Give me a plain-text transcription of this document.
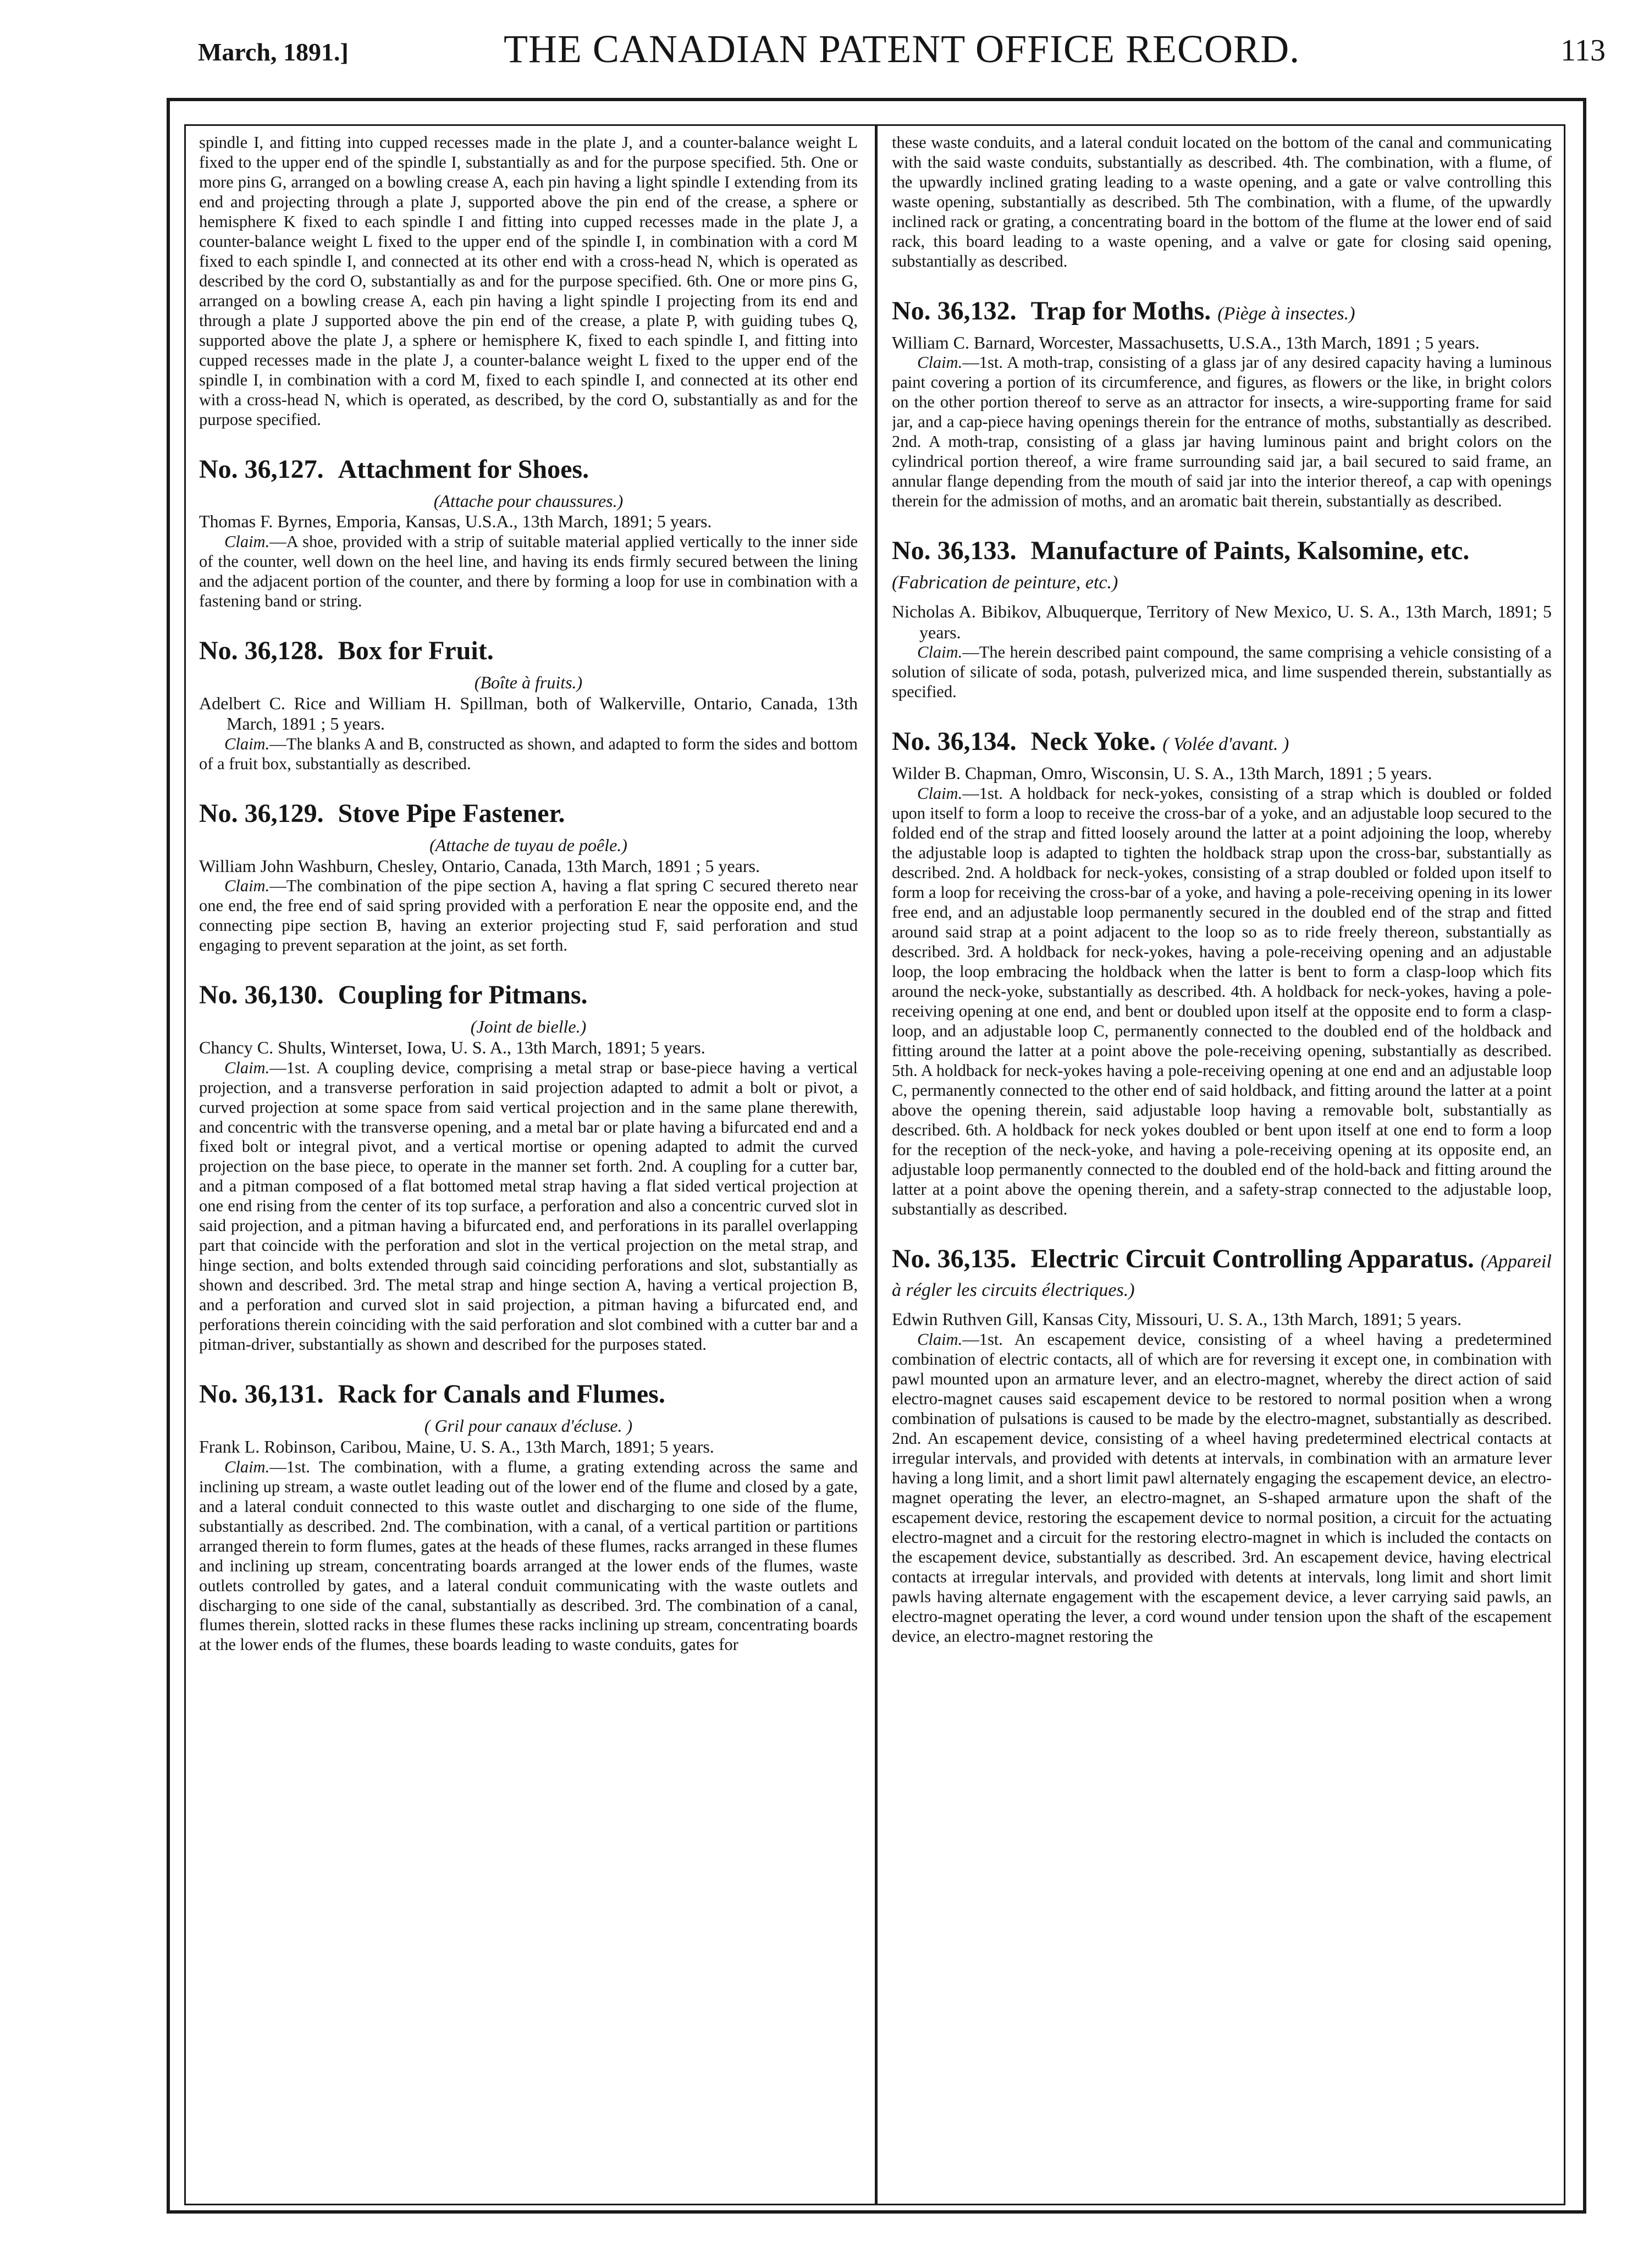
March, 1891.]	THE CANADIAN PATENT OFFICE RECORD.	113

spindle I, and fitting into cupped recesses made in the plate J, and a counter-balance weight L fixed to the upper end of the spindle I, substantially as and for the purpose specified. 5th. One or more pins G, arranged on a bowling crease A, each pin having a light spindle I extending from its end and projecting through a plate J, supported above the pin end of the crease, a sphere or hemisphere K fixed to each spindle I and fitting into cupped recesses made in the plate J, a counter-balance weight L fixed to the upper end of the spindle I, in combination with a cord M fixed to each spindle I, and connected at its other end with a cross-head N, which is operated as described by the cord O, substantially as and for the purpose specified. 6th. One or more pins G, arranged on a bowling crease A, each pin having a light spindle I projecting from its end and through a plate J supported above the pin end of the crease, a plate P, with guiding tubes Q, supported above the plate J, a sphere or hemisphere K, fixed to each spindle I, and fitting into cupped recesses made in the plate J, a counter-balance weight L fixed to the upper end of the spindle I, in combination with a cord M, fixed to each spindle I, and connected at its other end with a cross-head N, which is operated, as described, by the cord O, substantially as and for the purpose specified.

No. 36,127. Attachment for Shoes.

(Attache pour chaussures.)

Thomas F. Byrnes, Emporia, Kansas, U.S.A., 13th March, 1891; 5 years.

Claim.—A shoe, provided with a strip of suitable material applied vertically to the inner side of the counter, well down on the heel line, and having its ends firmly secured between the lining and the adjacent portion of the counter, and there by forming a loop for use in combination with a fastening band or string.

No. 36,128. Box for Fruit.

(Boîte à fruits.)

Adelbert C. Rice and William H. Spillman, both of Walkerville, Ontario, Canada, 13th March, 1891 ; 5 years.

Claim.—The blanks A and B, constructed as shown, and adapted to form the sides and bottom of a fruit box, substantially as described.

No. 36,129. Stove Pipe Fastener.

(Attache de tuyau de poêle.)

William John Washburn, Chesley, Ontario, Canada, 13th March, 1891 ; 5 years.

Claim.—The combination of the pipe section A, having a flat spring C secured thereto near one end, the free end of said spring provided with a perforation E near the opposite end, and the connecting pipe section B, having an exterior projecting stud F, said perforation and stud engaging to prevent separation at the joint, as set forth.

No. 36,130. Coupling for Pitmans.

(Joint de bielle.)

Chancy C. Shults, Winterset, Iowa, U. S. A., 13th March, 1891; 5 years.

Claim.—1st. A coupling device, comprising a metal strap or base-piece having a vertical projection, and a transverse perforation in said projection adapted to admit a bolt or pivot, a curved projection at some space from said vertical projection and in the same plane therewith, and concentric with the transverse opening, and a metal bar or plate having a bifurcated end and a fixed bolt or integral pivot, and a vertical mortise or opening adapted to admit the curved projection on the base piece, to operate in the manner set forth. 2nd. A coupling for a cutter bar, and a pitman composed of a flat bottomed metal strap having a flat sided vertical projection at one end rising from the center of its top surface, a perforation and also a concentric curved slot in said projection, and a pitman having a bifurcated end, and perforations in its parallel overlapping part that coincide with the perforation and slot in the vertical projection on the metal strap, and hinge section, and bolts extended through said coinciding perforations and slot, substantially as shown and described. 3rd. The metal strap and hinge section A, having a vertical projection B, and a perforation and curved slot in said projection, a pitman having a bifurcated end, and perforations therein coinciding with the said perforation and slot combined with a cutter bar and a pitman-driver, substantially as shown and described for the purposes stated.

No. 36,131. Rack for Canals and Flumes.

( Gril pour canaux d'écluse. )

Frank L. Robinson, Caribou, Maine, U. S. A., 13th March, 1891; 5 years.

Claim.—1st. The combination, with a flume, a grating extending across the same and inclining up stream, a waste outlet leading out of the lower end of the flume and closed by a gate, and a lateral conduit connected to this waste outlet and discharging to one side of the flume, substantially as described. 2nd. The combination, with a canal, of a vertical partition or partitions arranged therein to form flumes, gates at the heads of these flumes, racks arranged in these flumes and inclining up stream, concentrating boards arranged at the lower ends of the flumes, waste outlets controlled by gates, and a lateral conduit communicating with the waste outlets and discharging to one side of the canal, substantially as described. 3rd. The combination of a canal, flumes therein, slotted racks in these flumes these racks inclining up stream, concentrating boards at the lower ends of the flumes, these boards leading to waste conduits, gates for

these waste conduits, and a lateral conduit located on the bottom of the canal and communicating with the said waste conduits, substantially as described. 4th. The combination, with a flume, of the upwardly inclined grating leading to a waste opening, and a gate or valve controlling this waste opening, substantially as described. 5th The combination, with a flume, of the upwardly inclined rack or grating, a concentrating board in the bottom of the flume at the lower end of said rack, this board leading to a waste opening, and a valve or gate for closing said opening, substantially as described.

No. 36,132. Trap for Moths. (Piège à insectes.)

William C. Barnard, Worcester, Massachusetts, U.S.A., 13th March, 1891 ; 5 years.

Claim.—1st. A moth-trap, consisting of a glass jar of any desired capacity having a luminous paint covering a portion of its circumference, and figures, as flowers or the like, in bright colors on the other portion thereof to serve as an attractor for insects, a wire-supporting frame for said jar, and a cap-piece having openings therein for the entrance of moths, substantially as described. 2nd. A moth-trap, consisting of a glass jar having luminous paint and bright colors on the cylindrical portion thereof, a wire frame surrounding said jar, a bail secured to said frame, an annular flange depending from the mouth of said jar into the interior thereof, a cap with openings therein for the admission of moths, and an aromatic bait therein, substantially as described.

No. 36,133. Manufacture of Paints, Kalsomine, etc. (Fabrication de peinture, etc.)

Nicholas A. Bibikov, Albuquerque, Territory of New Mexico, U. S. A., 13th March, 1891; 5 years.

Claim.—The herein described paint compound, the same comprising a vehicle consisting of a solution of silicate of soda, potash, pulverized mica, and lime suspended therein, substantially as specified.

No. 36,134. Neck Yoke. ( Volée d'avant. )

Wilder B. Chapman, Omro, Wisconsin, U. S. A., 13th March, 1891 ; 5 years.

Claim.—1st. A holdback for neck-yokes, consisting of a strap which is doubled or folded upon itself to form a loop to receive the cross-bar of a yoke, and an adjustable loop secured to the folded end of the strap and fitted loosely around the latter at a point adjoining the loop, whereby the adjustable loop is adapted to tighten the holdback strap upon the cross-bar, substantially as described. 2nd. A holdback for neck-yokes, consisting of a strap doubled or folded upon itself to form a loop for receiving the cross-bar of a yoke, and having a pole-receiving opening in its lower free end, and an adjustable loop permanently secured in the doubled end of the strap and fitted around said strap at a point adjacent to the loop so as to ride freely thereon, substantially as described. 3rd. A holdback for neck-yokes, having a pole-receiving opening and an adjustable loop, the loop embracing the holdback when the latter is bent to form a clasp-loop which fits around the neck-yoke, substantially as described. 4th. A holdback for neck-yokes, having a pole-receiving opening at one end, and bent or doubled upon itself at the opposite end to form a clasp-loop, and an adjustable loop C, permanently connected to the doubled end of the holdback and fitting around the latter at a point above the pole-receiving opening, substantially as described. 5th. A holdback for neck-yokes having a pole-receiving opening at one end and an adjustable loop C, permanently connected to the other end of said holdback, and fitting around the latter at a point above the opening therein, said adjustable loop having a removable bolt, substantially as described. 6th. A holdback for neck yokes doubled or bent upon itself at one end to form a loop for the reception of the neck-yoke, and having a pole-receiving opening at its opposite end, an adjustable loop permanently connected to the doubled end of the hold-back and fitting around the latter at a point above the opening therein, and a safety-strap connected to the adjustable loop, substantially as described.

No. 36,135. Electric Circuit Controlling Apparatus. (Appareil à régler les circuits électriques.)

Edwin Ruthven Gill, Kansas City, Missouri, U. S. A., 13th March, 1891; 5 years.

Claim.—1st. An escapement device, consisting of a wheel having a predetermined combination of electric contacts, all of which are for reversing it except one, in combination with pawl mounted upon an armature lever, and an electro-magnet, whereby the direct action of said electro-magnet causes said escapement device to be restored to normal position when a wrong combination of pulsations is caused to be made by the electro-magnet, substantially as described. 2nd. An escapement device, consisting of a wheel having predetermined electrical contacts at irregular intervals, and provided with detents at intervals, in combination with an armature lever having a long limit, and a short limit pawl alternately engaging the escapement device, an electro-magnet operating the lever, an electro-magnet, an S-shaped armature upon the shaft of the escapement device, restoring the escapement device to normal position, a circuit for the actuating electro-magnet and a circuit for the restoring electro-magnet in which is included the contacts on the escapement device, substantially as described. 3rd. An escapement device, having electrical contacts at irregular intervals, and provided with detents at intervals, long limit and short limit pawls having alternate engagement with the escapement device, a lever carrying said pawls, an electro-magnet operating the lever, a cord wound under tension upon the shaft of the escapement device, an electro-magnet restoring the
